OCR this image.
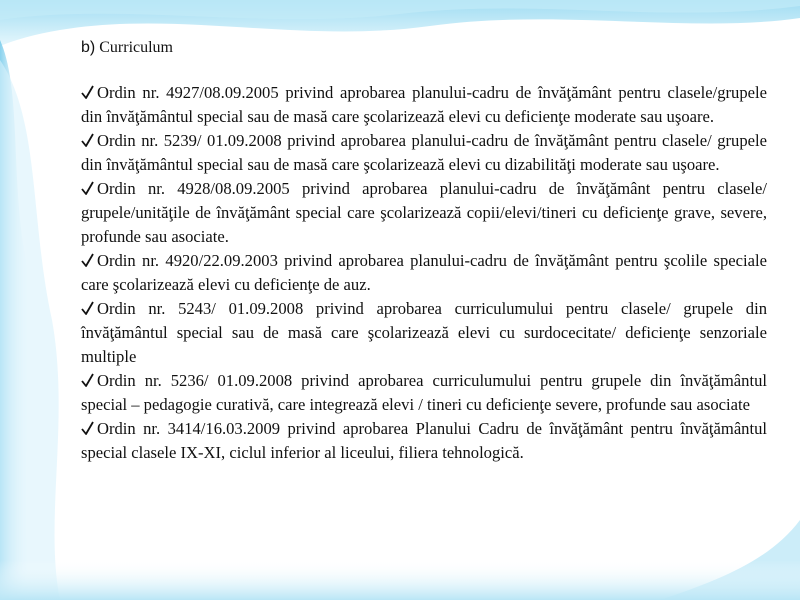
b) Curriculum
Ordin nr. 4927/08.09.2005 privind aprobarea planului-cadru de învăţământ pentru clasele/grupele din învăţământul special sau de masă care şcolarizează elevi cu deficienţe moderate sau uşoare.
Ordin nr. 5239/ 01.09.2008 privind aprobarea planului-cadru de învăţământ pentru clasele/ grupele din învăţământul special sau de masă care şcolarizează elevi cu dizabilităţi moderate sau uşoare.
Ordin nr. 4928/08.09.2005 privind aprobarea planului-cadru de învăţământ pentru clasele/ grupele/unităţile de învăţământ special care şcolarizează copii/elevi/tineri cu deficienţe grave, severe, profunde sau asociate.
Ordin nr. 4920/22.09.2003 privind aprobarea planului-cadru de învăţământ pentru şcolile speciale care şcolarizează elevi cu deficienţe de auz.
Ordin nr. 5243/ 01.09.2008 privind aprobarea curriculumului pentru clasele/ grupele din învăţământul special sau de masă care şcolarizează elevi cu surdocecitate/ deficienţe senzoriale multiple
Ordin nr. 5236/ 01.09.2008 privind aprobarea curriculumului pentru grupele din învăţământul special – pedagogie curativă, care integrează elevi / tineri cu deficienţe severe, profunde sau asociate
Ordin nr. 3414/16.03.2009 privind aprobarea Planului Cadru de învăţământ pentru învăţământul special clasele IX-XI, ciclul inferior al liceului, filiera tehnologică.
